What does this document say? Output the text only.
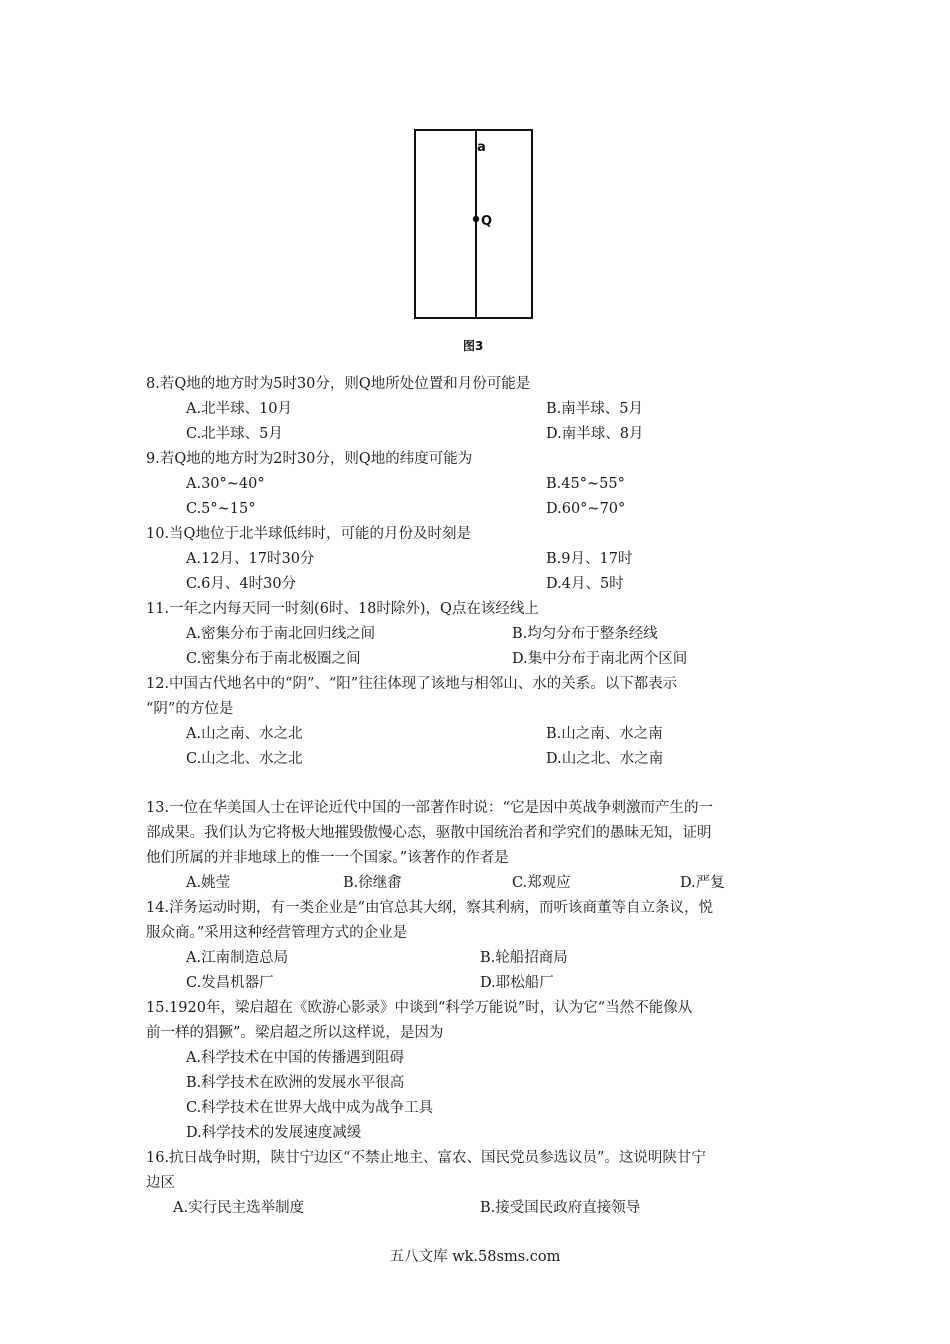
a
Q
图3
8.若Q地的地方时为5时30分，则Q地所处位置和月份可能是
A.北半球、10月	B.南半球、5月
C.北半球、5月	D.南半球、8月
9.若Q地的地方时为2时30分，则Q地的纬度可能为
A.30°~40°	B.45°~55°
C.5°~15°	D.60°~70°
10.当Q地位于北半球低纬时，可能的月份及时刻是
A.12月、17时30分	B.9月、17时
C.6月、4时30分	D.4月、5时
11.一年之内每天同一时刻(6时、18时除外)，Q点在该经线上
A.密集分布于南北回归线之间	B.均匀分布于整条经线
C.密集分布于南北极圈之间	D.集中分布于南北两个区间
12.中国古代地名中的“阴”、“阳”往往体现了该地与相邻山、水的关系。以下都表示
“阴”的方位是
A.山之南、水之北	B.山之南、水之南
C.山之北、水之北	D.山之北、水之南
13.一位在华美国人士在评论近代中国的一部著作时说：“它是因中英战争刺激而产生的一
部成果。我们认为它将极大地摧毁傲慢心态，驱散中国统治者和学究们的愚昧无知，证明
他们所属的并非地球上的惟一一个国家。”该著作的作者是
A.姚莹	B.徐继畬	C.郑观应	D.严复
14.洋务运动时期，有一类企业是“由官总其大纲，察其利病，而听该商董等自立条议，悦
服众商。”采用这种经营管理方式的企业是
A.江南制造总局	B.轮船招商局
C.发昌机器厂	D.耶松船厂
15.1920年，梁启超在《欧游心影录》中谈到“科学万能说”时，认为它“当然不能像从
前一样的猖獗”。梁启超之所以这样说，是因为
A.科学技术在中国的传播遇到阻碍
B.科学技术在欧洲的发展水平很高
C.科学技术在世界大战中成为战争工具
D.科学技术的发展速度减缓
16.抗日战争时期，陕甘宁边区“不禁止地主、富农、国民党员参选议员”。这说明陕甘宁
边区
A.实行民主选举制度	B.接受国民政府直接领导
五八文库 wk.58sms.com
